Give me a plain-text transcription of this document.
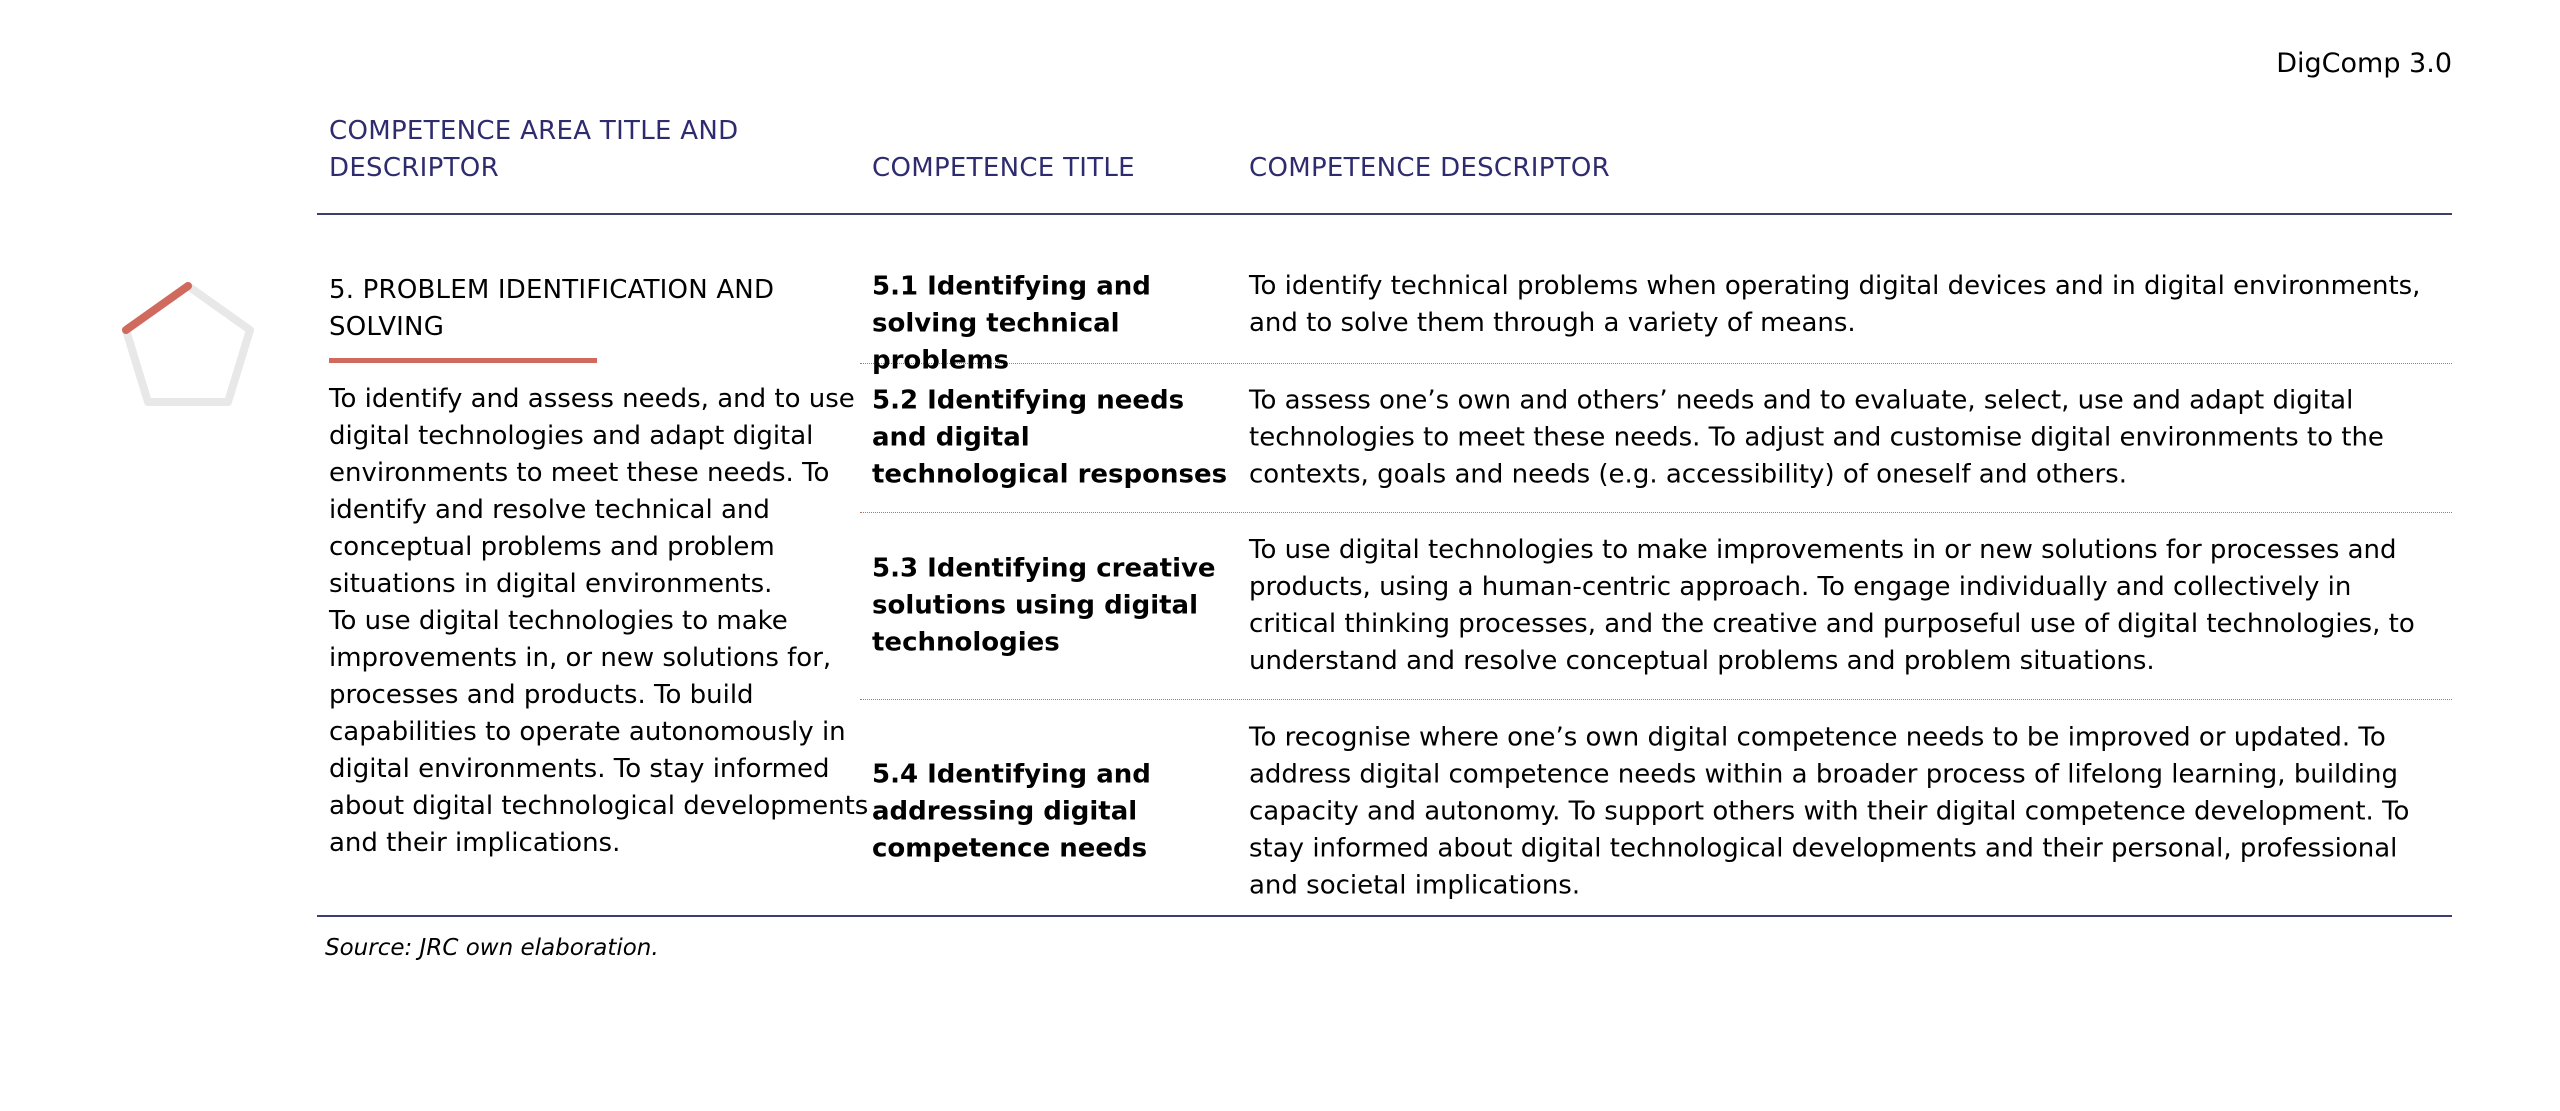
DigComp 3.0
COMPETENCE AREA TITLE AND DESCRIPTOR	COMPETENCE TITLE	COMPETENCE DESCRIPTOR
5. PROBLEM IDENTIFICATION AND SOLVING

To identify and assess needs, and to use digital technologies and adapt digital environments to meet these needs. To identify and resolve technical and conceptual problems and problem situations in digital environments.

To use digital technologies to make improvements in, or new solutions for, processes and products. To build capabilities to operate autonomously in digital environments. To stay informed about digital technological developments and their implications.

5.1 Identifying and solving technical problems
To identify technical problems when operating digital devices and in digital environments, and to solve them through a variety of means.
5.2 Identifying needs and digital technological responses
To assess one’s own and others’ needs and to evaluate, select, use and adapt digital technologies to meet these needs. To adjust and customise digital environments to the contexts, goals and needs (e.g. accessibility) of oneself and others.
5.3 Identifying creative solutions using digital technologies
To use digital technologies to make improvements in or new solutions for processes and products, using a human-centric approach. To engage individually and collectively in critical thinking processes, and the creative and purposeful use of digital technologies, to understand and resolve conceptual problems and problem situations.
5.4 Identifying and addressing digital competence needs
To recognise where one’s own digital competence needs to be improved or updated. To address digital competence needs within a broader process of lifelong learning, building capacity and autonomy. To support others with their digital competence development. To stay informed about digital technological developments and their personal, professional and societal implications.
Source: JRC own elaboration.
